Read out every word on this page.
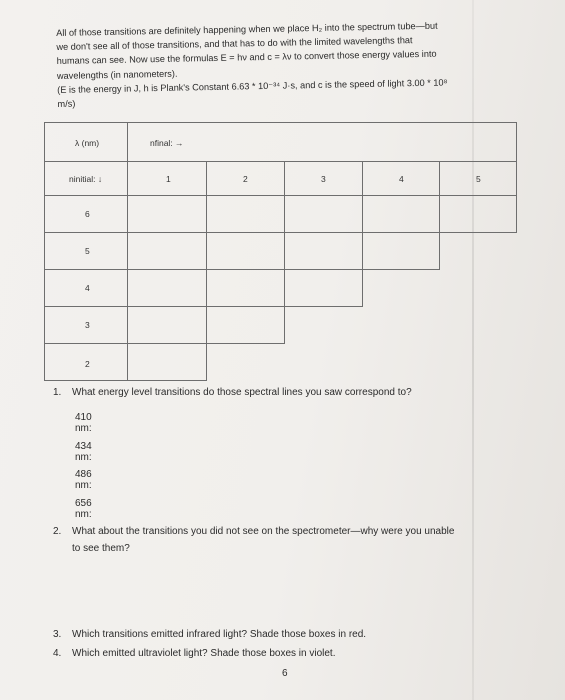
All of those transitions are definitely happening when we place H₂ into the spectrum tube—but

we don't see all of those transitions, and that has to do with the limited wavelengths that

humans can see. Now use the formulas E = hν and c = λν to convert those energy values into

wavelengths (in nanometers).

(E is the energy in J, h is Plank's Constant 6.63 * 10⁻³⁴ J·s, and c is the speed of light 3.00 * 10⁸

m/s)

λ (nm)	nfinal: →
ninitial: ↓	1	2	3	4	5
6
5
4
3
2
1. What energy level transitions do those spectral lines you saw correspond to?
410 nm:
434 nm:
486 nm:
656 nm:
2. What about the transitions you did not see on the spectrometer—why were you unable
to see them?
3. Which transitions emitted infrared light? Shade those boxes in red.
4. Which emitted ultraviolet light? Shade those boxes in violet.
6
